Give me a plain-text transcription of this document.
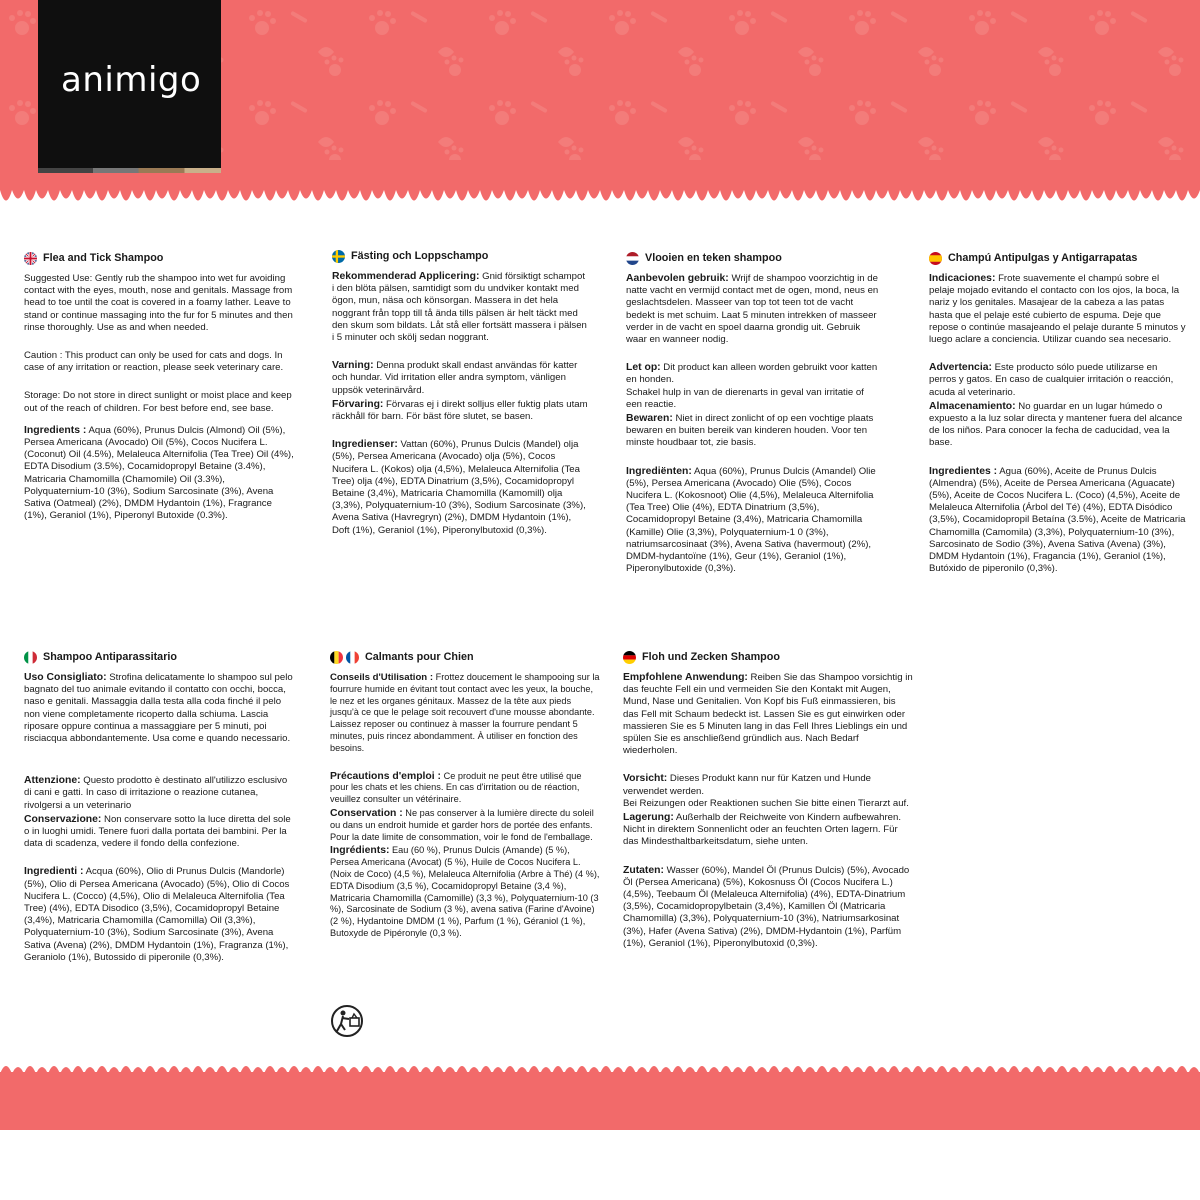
animigo
Flea and Tick Shampoo

Suggested Use: Gently rub the shampoo into wet fur avoiding contact with the eyes, mouth, nose and genitals. Massage from head to toe until the coat is covered in a foamy lather. Leave to stand or continue massaging into the fur for 5 minutes and then rinse thoroughly. Use as and when needed.

Caution : This product can only be used for cats and dogs. In case of any irritation or reaction, please seek veterinary care.

Storage: Do not store in direct sunlight or moist place and keep out of the reach of children. For best before end, see base.

Ingredients : Aqua (60%), Prunus Dulcis (Almond) Oil (5%), Persea Americana (Avocado) Oil (5%), Cocos Nucifera L. (Coconut) Oil (4.5%), Melaleuca Alternifolia (Tea Tree) Oil (4%), EDTA Disodium (3.5%), Cocamidopropyl Betaine (3.4%), Matricaria Chamomilla (Chamomile) Oil (3.3%), Polyquaternium-10 (3%), Sodium Sarcosinate (3%), Avena Sativa (Oatmeal) (2%), DMDM Hydantoin (1%), Fragrance (1%), Geraniol (1%), Piperonyl Butoxide (0.3%).

Fästing och Loppschampo

Rekommenderad Applicering: Gnid försiktigt schampot i den blöta pälsen, samtidigt som du undviker kontakt med ögon, mun, näsa och könsorgan. Massera in det hela noggrant från topp till tå ända tills pälsen är helt täckt med den skum som bildats. Låt stå eller fortsätt massera i pälsen i 5 minuter och skölj sedan noggrant.

Varning: Denna produkt skall endast användas för katter och hundar. Vid irritation eller andra symptom, vänligen uppsök veterinärvård.

Förvaring: Förvaras ej i direkt solljus eller fuktig plats utam räckhåll för barn. För bäst före slutet, se basen.

Ingredienser: Vattan (60%), Prunus Dulcis (Mandel) olja (5%), Persea Americana (Avocado) olja (5%), Cocos Nucifera L. (Kokos) olja (4,5%), Melaleuca Alternifolia (Tea Tree) olja (4%), EDTA Dinatrium (3,5%), Cocamidopropyl Betaine (3,4%), Matricaria Chamomilla (Kamomill) olja (3,3%), Polyquaternium-10 (3%), Sodium Sarcosinate (3%), Avena Sativa (Havregryn) (2%), DMDM Hydantoin (1%), Doft (1%), Geraniol (1%), Piperonylbutoxid (0,3%).

Vlooien en teken shampoo

Aanbevolen gebruik: Wrijf de shampoo voorzichtig in de natte vacht en vermijd contact met de ogen, mond, neus en geslachtsdelen. Masseer van top tot teen tot de vacht bedekt is met schuim. Laat 5 minuten intrekken of masseer verder in de vacht en spoel daarna grondig uit. Gebruik waar en wanneer nodig.

Let op: Dit product kan alleen worden gebruikt voor katten en honden.
Schakel hulp in van de dierenarts in geval van irritatie of een reactie.

Bewaren: Niet in direct zonlicht of op een vochtige plaats bewaren en buiten bereik van kinderen houden. Voor ten minste houdbaar tot, zie basis.

Ingrediënten: Aqua (60%), Prunus Dulcis (Amandel) Olie (5%), Persea Americana (Avocado) Olie (5%), Cocos Nucifera L. (Kokosnoot) Olie (4,5%), Melaleuca Alternifolia (Tea Tree) Olie (4%), EDTA Dinatrium (3,5%), Cocamidopropyl Betaine (3,4%), Matricaria Chamomilla (Kamille) Olie (3,3%), Polyquaternium-1 0 (3%), natriumsarcosinaat (3%), Avena Sativa (havermout) (2%), DMDM-hydantoïne (1%), Geur (1%), Geraniol (1%), Piperonylbutoxide (0,3%).

Champú Antipulgas y Antigarrapatas

Indicaciones: Frote suavemente el champú sobre el pelaje mojado evitando el contacto con los ojos, la boca, la nariz y los genitales. Masajear de la cabeza a las patas hasta que el pelaje esté cubierto de espuma. Deje que repose o continúe masajeando el pelaje durante 5 minutos y luego aclare a conciencia. Utilizar cuando sea necesario.

Advertencia: Este producto sólo puede utilizarse en perros y gatos. En caso de cualquier irritación o reacción, acuda al veterinario.

Almacenamiento: No guardar en un lugar húmedo o expuesto a la luz solar directa y mantener fuera del alcance de los niños. Para conocer la fecha de caducidad, vea la base.

Ingredientes : Agua (60%), Aceite de Prunus Dulcis (Almendra) (5%), Aceite de Persea Americana (Aguacate) (5%), Aceite de Cocos Nucifera L. (Coco) (4,5%), Aceite de Melaleuca Alternifolia (Árbol del Té) (4%), EDTA Disódico (3,5%), Cocamidopropil Betaína (3.5%), Aceite de Matricaria Chamomilla (Camomila) (3,3%), Polyquaternium-10 (3%), Sarcosinato de Sodio (3%), Avena Sativa (Avena) (3%), DMDM Hydantoin (1%), Fragancia (1%), Geraniol (1%), Butóxido de piperonilo (0,3%).

Shampoo Antiparassitario

Uso Consigliato: Strofina delicatamente lo shampoo sul pelo bagnato del tuo animale evitando il contatto con occhi, bocca, naso e genitali. Massaggia dalla testa alla coda finché il pelo non viene completamente ricoperto dalla schiuma. Lascia riposare oppure continua a massaggiare per 5 minuti, poi risciacqua abbondantemente. Usa come e quando necessario.

Attenzione: Questo prodotto è destinato all'utilizzo esclusivo di cani e gatti. In caso di irritazione o reazione cutanea, rivolgersi a un veterinario

Conservazione: Non conservare sotto la luce diretta del sole o in luoghi umidi. Tenere fuori dalla portata dei bambini. Per la data di scadenza, vedere il fondo della confezione.

Ingredienti : Acqua (60%), Olio di Prunus Dulcis (Mandorle) (5%), Olio di Persea Americana (Avocado) (5%), Olio di Cocos Nucifera L. (Cocco) (4,5%), Olio di Melaleuca Alternifolia (Tea Tree) (4%), EDTA Disodico (3,5%), Cocamidopropyl Betaine (3,4%), Matricaria Chamomilla (Camomilla) Oil (3,3%), Polyquaternium-10 (3%), Sodium Sarcosinate (3%), Avena Sativa (Avena) (2%), DMDM Hydantoin (1%), Fragranza (1%), Geraniolo (1%), Butossido di piperonile (0,3%).

Calmants pour Chien

Conseils d'Utilisation : Frottez doucement le shampooing sur la fourrure humide en évitant tout contact avec les yeux, la bouche, le nez et les organes génitaux. Massez de la tête aux pieds jusqu'à ce que le pelage soit recouvert d'une mousse abondante. Laissez reposer ou continuez à masser la fourrure pendant 5 minutes, puis rincez abondamment. À utiliser en fonction des besoins.

Précautions d'emploi : Ce produit ne peut être utilisé que pour les chats et les chiens. En cas d'irritation ou de réaction, veuillez consulter un vétérinaire.

Conservation : Ne pas conserver à la lumière directe du soleil ou dans un endroit humide et garder hors de portée des enfants. Pour la date limite de consommation, voir le fond de l'emballage.

Ingrédients: Eau (60 %), Prunus Dulcis (Amande) (5 %), Persea Americana (Avocat) (5 %), Huile de Cocos Nucifera L. (Noix de Coco) (4,5 %), Melaleuca Alternifolia (Arbre à Thé) (4 %), EDTA Disodium (3,5 %), Cocamidopropyl Betaine (3,4 %), Matricaria Chamomilla (Camomille) (3,3 %), Polyquaternium-10 (3 %), Sarcosinate de Sodium (3 %), avena sativa (Farine d'Avoine) (2 %), Hydantoine DMDM (1 %), Parfum (1 %), Géraniol (1 %), Butoxyde de Pipéronyle (0,3 %).

Floh und Zecken Shampoo

Empfohlene Anwendung: Reiben Sie das Shampoo vorsichtig in das feuchte Fell ein und vermeiden Sie den Kontakt mit Augen, Mund, Nase und Genitalien. Von Kopf bis Fuß einmassieren, bis das Fell mit Schaum bedeckt ist. Lassen Sie es gut einwirken oder massieren Sie es 5 Minuten lang in das Fell Ihres Lieblings ein und spülen Sie es anschließend gründlich aus. Nach Bedarf wiederholen.

Vorsicht: Dieses Produkt kann nur für Katzen und Hunde verwendet werden.
Bei Reizungen oder Reaktionen suchen Sie bitte einen Tierarzt auf.

Lagerung: Außerhalb der Reichweite von Kindern aufbewahren. Nicht in direktem Sonnenlicht oder an feuchten Orten lagern. Für das Mindesthaltbarkeitsdatum, siehe unten.

Zutaten: Wasser (60%), Mandel Öl (Prunus Dulcis) (5%), Avocado Öl (Persea Americana) (5%), Kokosnuss Öl (Cocos Nucifera L.) (4,5%), Teebaum Öl (Melaleuca Alternifolia) (4%), EDTA-Dinatrium (3,5%), Cocamidopropylbetain (3,4%), Kamillen Öl (Matricaria Chamomilla) (3,3%), Polyquaternium-10 (3%), Natriumsarkosinat (3%), Hafer (Avena Sativa) (2%), DMDM-Hydantoin (1%), Parfüm (1%), Geraniol (1%), Piperonylbutoxid (0,3%).
